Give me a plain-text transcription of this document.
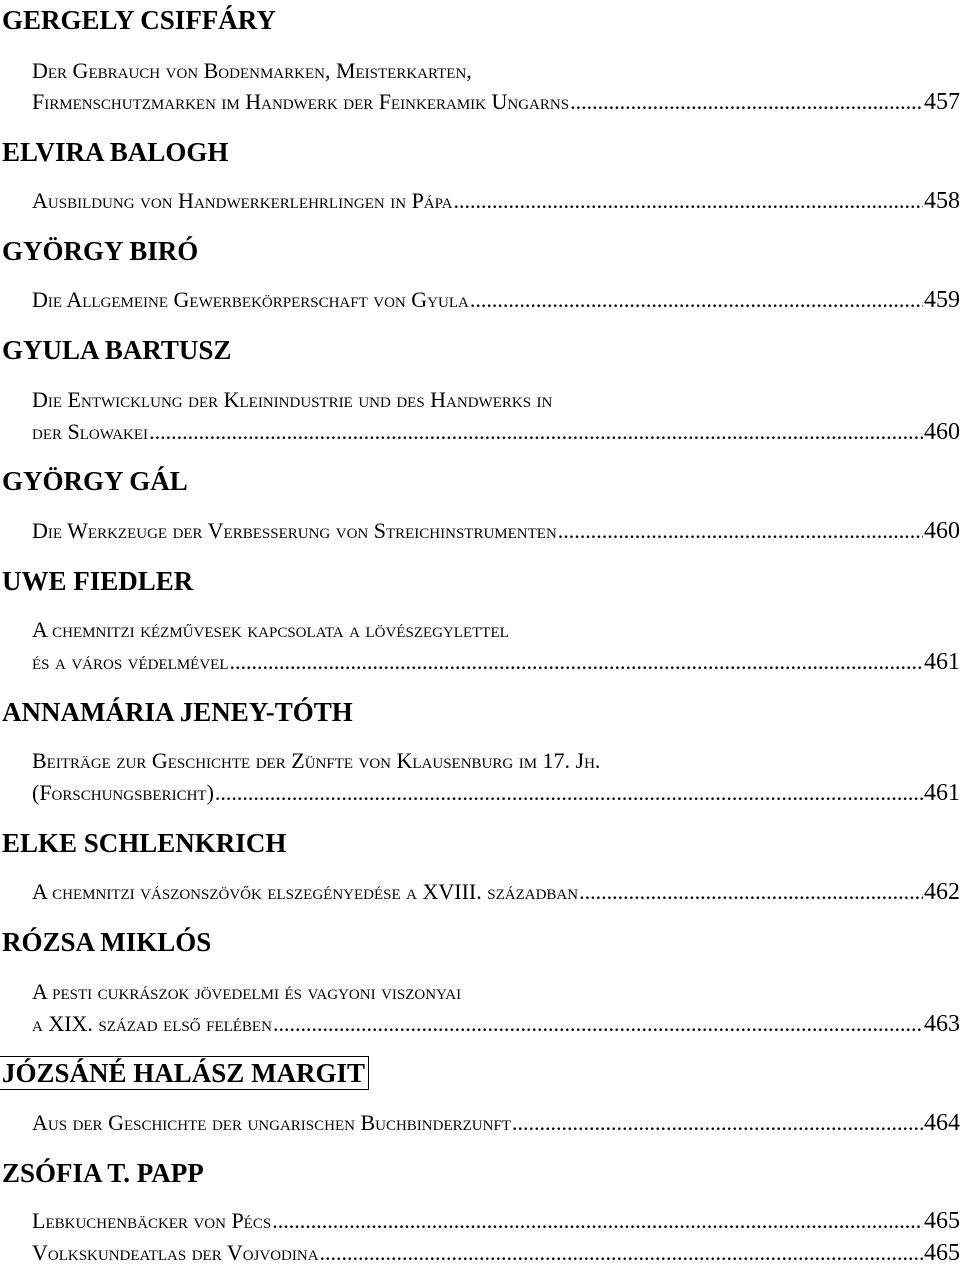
GERGELY CSIFFÁRY
Der Gebrauch von Bodenmarken, Meisterkarten,
Firmenschutzmarken im Handwerk der Feinkeramik Ungarns .....	457
ELVIRA BALOGH
Ausbildung von Handwerkerlehrlingen in Pápa .....	458
GYÖRGY BIRÓ
Die Allgemeine Gewerbekörperschaft von Gyula .....	459
GYULA BARTUSZ
Die Entwicklung der Kleinindustrie und des Handwerks in
der Slowakei .....	460
GYÖRGY GÁL
Die Werkzeuge der Verbesserung von Streichinstrumenten .....	460
UWE FIEDLER
A chemnitzi kézművesek kapcsolata a lövészegylettel
és a város védelmével .....	461
ANNAMÁRIA JENEY-TÓTH
Beiträge zur Geschichte der Zünfte von Klausenburg im 17. Jh.
(Forschungsbericht) .....	461
ELKE SCHLENKRICH
A chemnitzi vászonszövők elszegényedése a XVIII. században .....	462
RÓZSA MIKLÓS
A pesti cukrászok jövedelmi és vagyoni viszonyai
a XIX. század első felében .....	463
JÓZSÁNÉ HALÁSZ MARGIT
Aus der Geschichte der ungarischen Buchbinderzunft .....	464
ZSÓFIA T. PAPP
Lebkuchenbäcker von Pécs .....	465
Volkskundeatlas der Vojvodina .....	465
